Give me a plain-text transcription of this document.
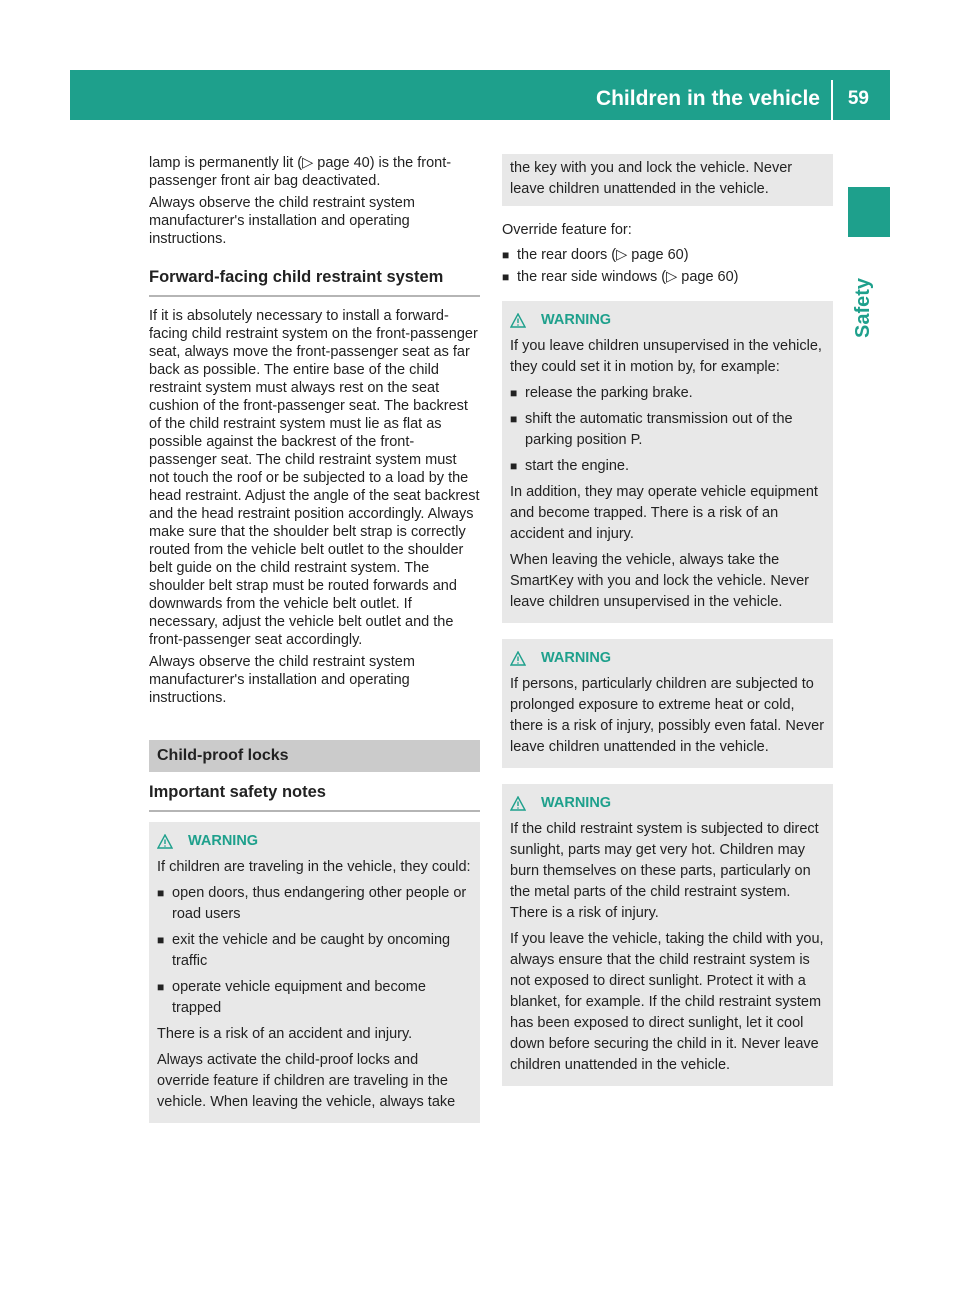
Children in the vehicle 59
Safety

lamp is permanently lit (▷ page 40) is the front-passenger front air bag deactivated.

Always observe the child restraint system manufacturer's installation and operating instructions.

Forward-facing child restraint system

If it is absolutely necessary to install a forward-facing child restraint system on the front-passenger seat, always move the front-passenger seat as far back as possible. The entire base of the child restraint system must always rest on the seat cushion of the front-passenger seat. The backrest of the child restraint system must lie as flat as possible against the backrest of the front-passenger seat. The child restraint system must not touch the roof or be subjected to a load by the head restraint. Adjust the angle of the seat backrest and the head restraint position accordingly. Always make sure that the shoulder belt strap is correctly routed from the vehicle belt outlet to the shoulder belt guide on the child restraint system. The shoulder belt strap must be routed forwards and downwards from the vehicle belt outlet. If necessary, adjust the vehicle belt outlet and the front-passenger seat accordingly.

Always observe the child restraint system manufacturer's installation and operating instructions.

Child-proof locks
Important safety notes
WARNING

If children are traveling in the vehicle, they could:

■ open doors, thus endangering other people or road users
■ exit the vehicle and be caught by oncoming traffic
■ operate vehicle equipment and become trapped

There is a risk of an accident and injury.

Always activate the child-proof locks and override feature if children are traveling in the vehicle. When leaving the vehicle, always take

the key with you and lock the vehicle. Never leave children unattended in the vehicle.

Override feature for:

■ the rear doors (▷ page 60)
■ the rear side windows (▷ page 60)
WARNING

If you leave children unsupervised in the vehicle, they could set it in motion by, for example:

■ release the parking brake.
■ shift the automatic transmission out of the parking position P.
■ start the engine.

In addition, they may operate vehicle equipment and become trapped. There is a risk of an accident and injury.

When leaving the vehicle, always take the SmartKey with you and lock the vehicle. Never leave children unsupervised in the vehicle.

WARNING

If persons, particularly children are subjected to prolonged exposure to extreme heat or cold, there is a risk of injury, possibly even fatal. Never leave children unattended in the vehicle.

WARNING

If the child restraint system is subjected to direct sunlight, parts may get very hot. Children may burn themselves on these parts, particularly on the metal parts of the child restraint system. There is a risk of injury.

If you leave the vehicle, taking the child with you, always ensure that the child restraint system is not exposed to direct sunlight. Protect it with a blanket, for example. If the child restraint system has been exposed to direct sunlight, let it cool down before securing the child in it. Never leave children unattended in the vehicle.
